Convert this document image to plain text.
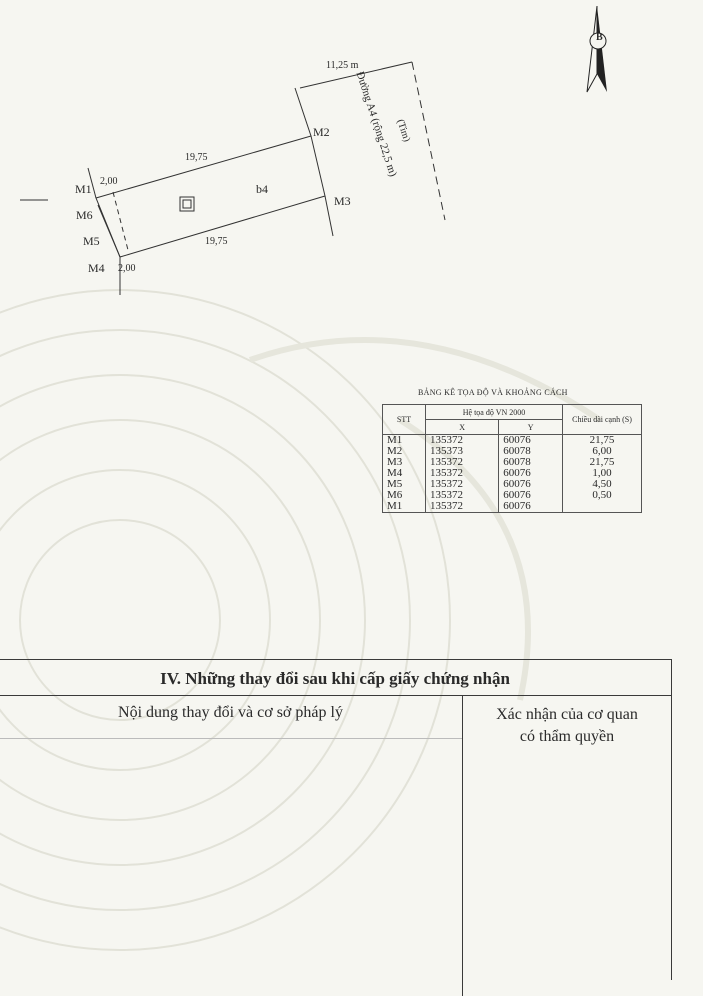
11,25 m
Đường A4 (rộng 22,5 m)
(Tim)
M1
M2
M3
M4
M5
M6
2,00
19,75
2,00
19,75
b4
B
BẢNG KÊ TỌA ĐỘ VÀ KHOẢNG CÁCH
STT	Hệ tọa độ VN 2000		Chiều dài cạnh (S)
	X	Y	
M1	135372	60076	21,75
M2	135373	60078	6,00
M3	135372	60078	21,75
M4	135372	60076	1,00
M5	135372	60076	4,50
M6	135372	60076	0,50
M1	135372	60076	
IV. Những thay đổi sau khi cấp giấy chứng nhận
Nội dung thay đổi và cơ sở pháp lý	Xác nhận của cơ quan
có thẩm quyền
